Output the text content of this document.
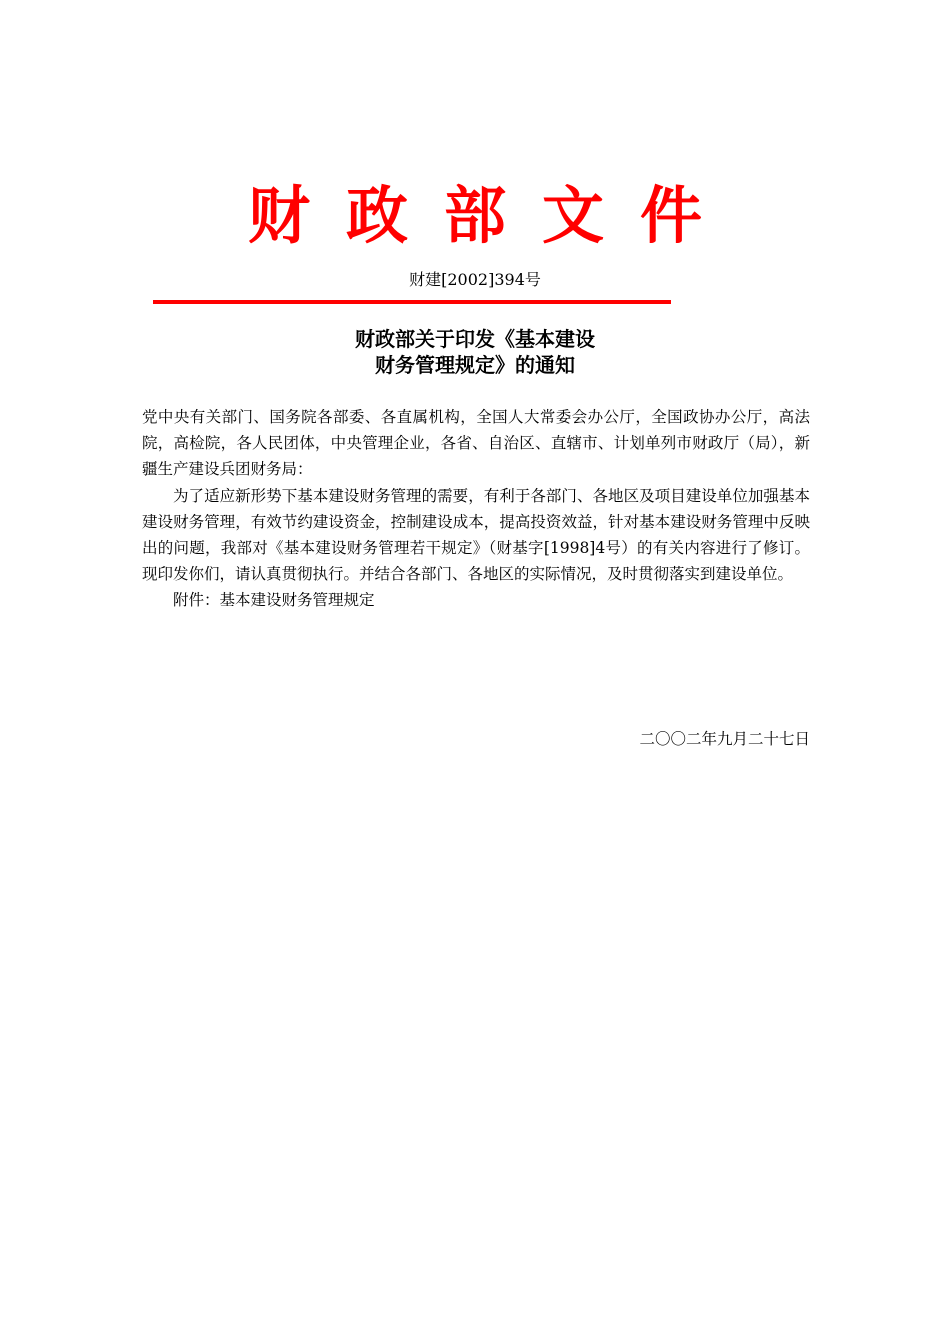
财政部文件
财建[2002]394号
财政部关于印发《基本建设
财务管理规定》的通知

党中央有关部门、国务院各部委、各直属机构，全国人大常委会办公厅，全国政协办公厅，高法院，高检院，各人民团体，中央管理企业，各省、自治区、直辖市、计划单列市财政厅（局），新疆生产建设兵团财务局：

为了适应新形势下基本建设财务管理的需要，有利于各部门、各地区及项目建设单位加强基本建设财务管理，有效节约建设资金，控制建设成本，提高投资效益，针对基本建设财务管理中反映出的问题，我部对《基本建设财务管理若干规定》（财基字[1998]4号）的有关内容进行了修订。现印发你们，请认真贯彻执行。并结合各部门、各地区的实际情况，及时贯彻落实到建设单位。

附件：基本建设财务管理规定

二〇〇二年九月二十七日
